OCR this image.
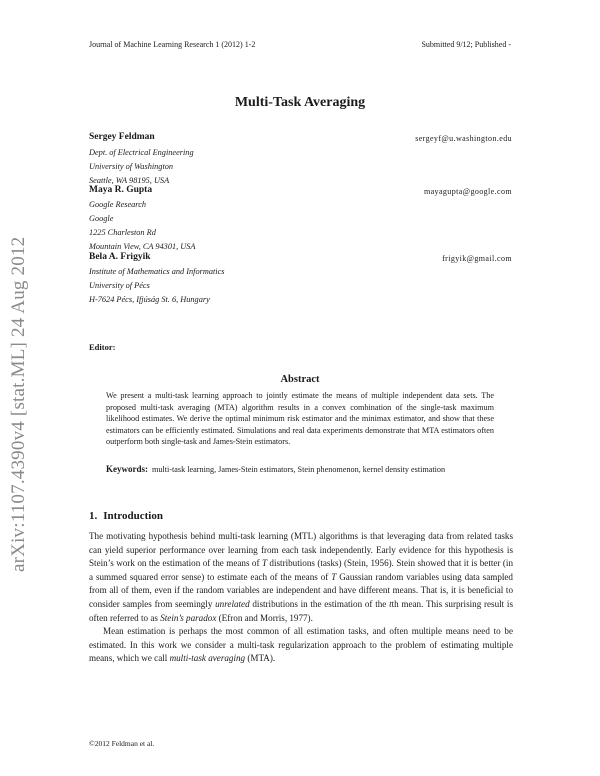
Journal of Machine Learning Research 1 (2012) 1-2	Submitted 9/12; Published -
arXiv:1107.4390v4 [stat.ML] 24 Aug 2012
Multi-Task Averaging
Sergey Feldman	sergeyf@u.washington.edu
Dept. of Electrical Engineering
University of Washington
Seattle, WA 98195, USA
Maya R. Gupta	mayagupta@google.com
Google Research
Google
1225 Charleston Rd
Mountain View, CA 94301, USA
Bela A. Frigyik	frigyik@gmail.com
Institute of Mathematics and Informatics
University of Pécs
H-7624 Pécs, Ifjúság St. 6, Hungary
Editor:
Abstract
We present a multi-task learning approach to jointly estimate the means of multiple independent data sets. The proposed multi-task averaging (MTA) algorithm results in a convex combination of the single-task maximum likelihood estimates. We derive the optimal minimum risk estimator and the minimax estimator, and show that these estimators can be efficiently estimated. Simulations and real data experiments demonstrate that MTA estimators often outperform both single-task and James-Stein estimators.
Keywords: multi-task learning, James-Stein estimators, Stein phenomenon, kernel density estimation
1. Introduction

The motivating hypothesis behind multi-task learning (MTL) algorithms is that leveraging data from related tasks can yield superior performance over learning from each task independently. Early evidence for this hypothesis is Stein’s work on the estimation of the means of T distributions (tasks) (Stein, 1956). Stein showed that it is better (in a summed squared error sense) to estimate each of the means of T Gaussian random variables using data sampled from all of them, even if the random variables are independent and have different means. That is, it is beneficial to consider samples from seemingly unrelated distributions in the estimation of the tth mean. This surprising result is often referred to as Stein’s paradox (Efron and Morris, 1977).

Mean estimation is perhaps the most common of all estimation tasks, and often multiple means need to be estimated. In this work we consider a multi-task regularization approach to the problem of estimating multiple means, which we call multi-task averaging (MTA).

©2012 Feldman et al.
